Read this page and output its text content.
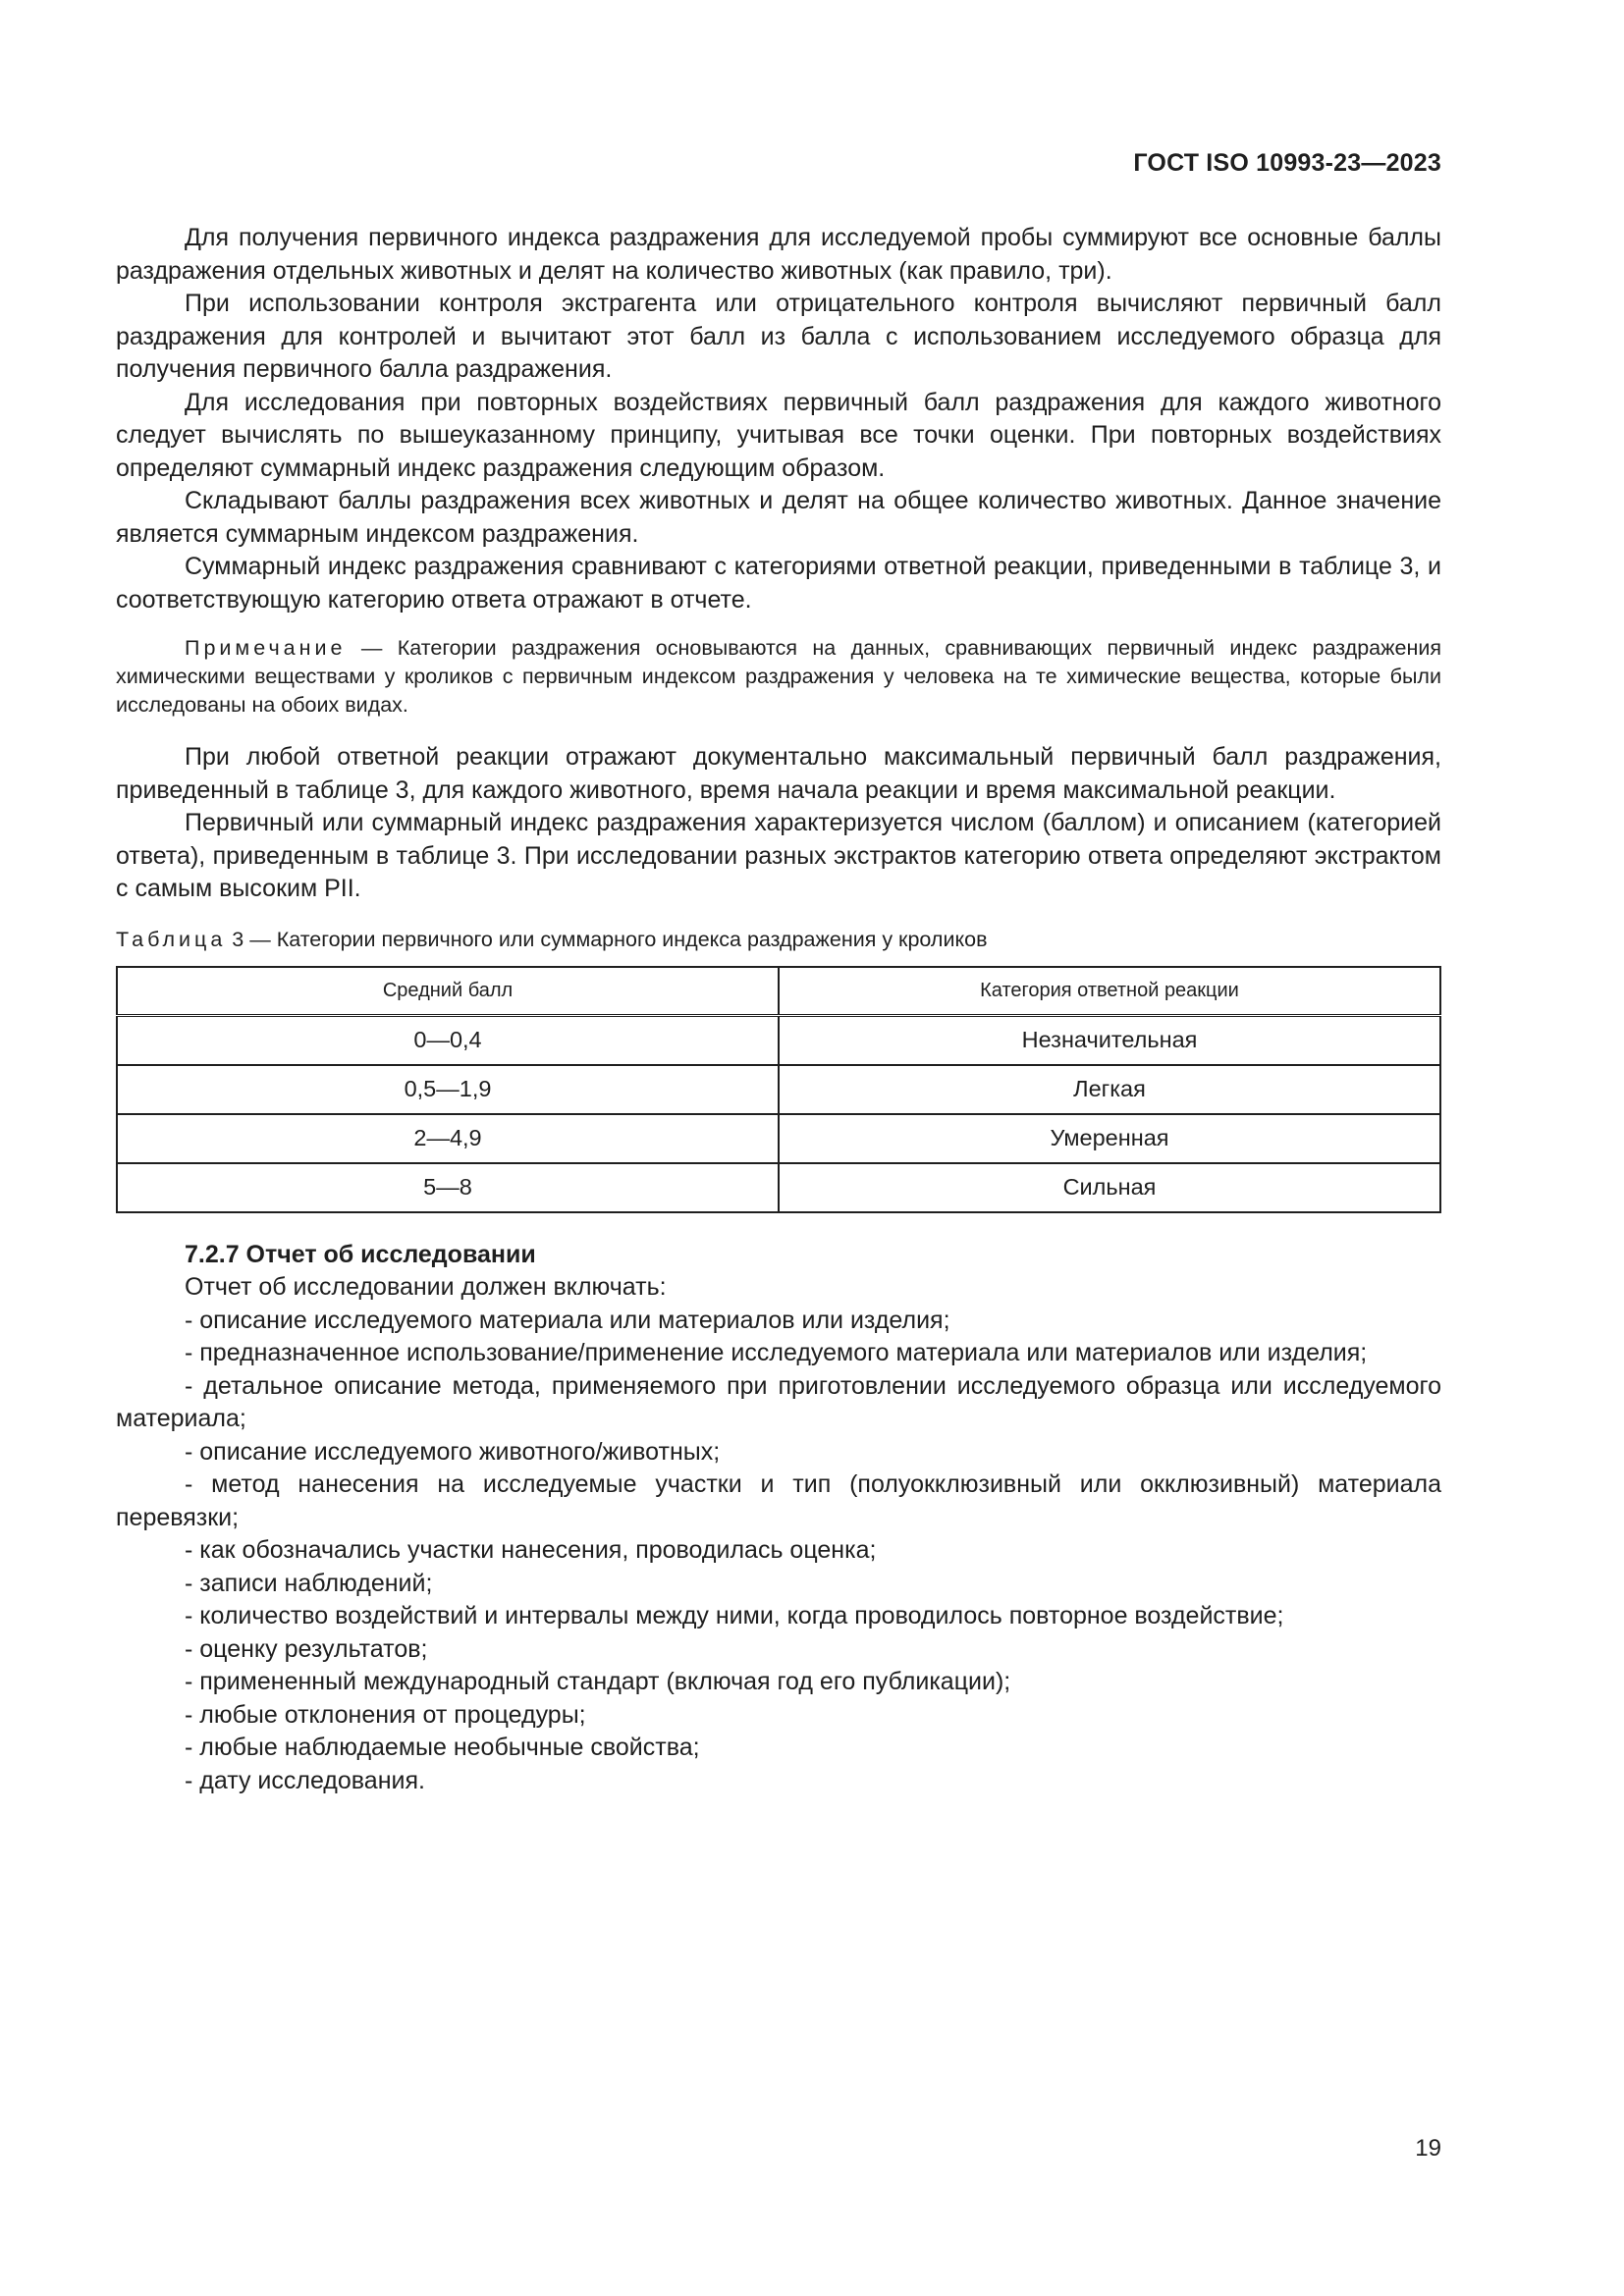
ГОСТ ISO 10993-23—2023

Для получения первичного индекса раздражения для исследуемой пробы суммируют все основные баллы раздражения отдельных животных и делят на количество животных (как правило, три).

При использовании контроля экстрагента или отрицательного контроля вычисляют первичный балл раздражения для контролей и вычитают этот балл из балла с использованием исследуемого образца для получения первичного балла раздражения.

Для исследования при повторных воздействиях первичный балл раздражения для каждого животного следует вычислять по вышеуказанному принципу, учитывая все точки оценки. При повторных воздействиях определяют суммарный индекс раздражения следующим образом.

Складывают баллы раздражения всех животных и делят на общее количество животных. Данное значение является суммарным индексом раздражения.

Суммарный индекс раздражения сравнивают с категориями ответной реакции, приведенными в таблице 3, и соответствующую категорию ответа отражают в отчете.

Примечание — Категории раздражения основываются на данных, сравнивающих первичный индекс раздражения химическими веществами у кроликов с первичным индексом раздражения у человека на те химические вещества, которые были исследованы на обоих видах.

При любой ответной реакции отражают документально максимальный первичный балл раздражения, приведенный в таблице 3, для каждого животного, время начала реакции и время максимальной реакции.

Первичный или суммарный индекс раздражения характеризуется числом (баллом) и описанием (категорией ответа), приведенным в таблице 3. При исследовании разных экстрактов категорию ответа определяют экстрактом с самым высоким PII.

Таблица 3 — Категории первичного или суммарного индекса раздражения у кроликов
Средний балл	Категория ответной реакции
0—0,4	Незначительная
0,5—1,9	Легкая
2—4,9	Умеренная
5—8	Сильная

7.2.7 Отчет об исследовании

Отчет об исследовании должен включать:

- описание исследуемого материала или материалов или изделия;

- предназначенное использование/применение исследуемого материала или материалов или изделия;

- детальное описание метода, применяемого при приготовлении исследуемого образца или исследуемого материала;

- описание исследуемого животного/животных;

- метод нанесения на исследуемые участки и тип (полуокклюзивный или окклюзивный) материала перевязки;

- как обозначались участки нанесения, проводилась оценка;

- записи наблюдений;

- количество воздействий и интервалы между ними, когда проводилось повторное воздействие;

- оценку результатов;

- примененный международный стандарт (включая год его публикации);

- любые отклонения от процедуры;

- любые наблюдаемые необычные свойства;

- дату исследования.

19
